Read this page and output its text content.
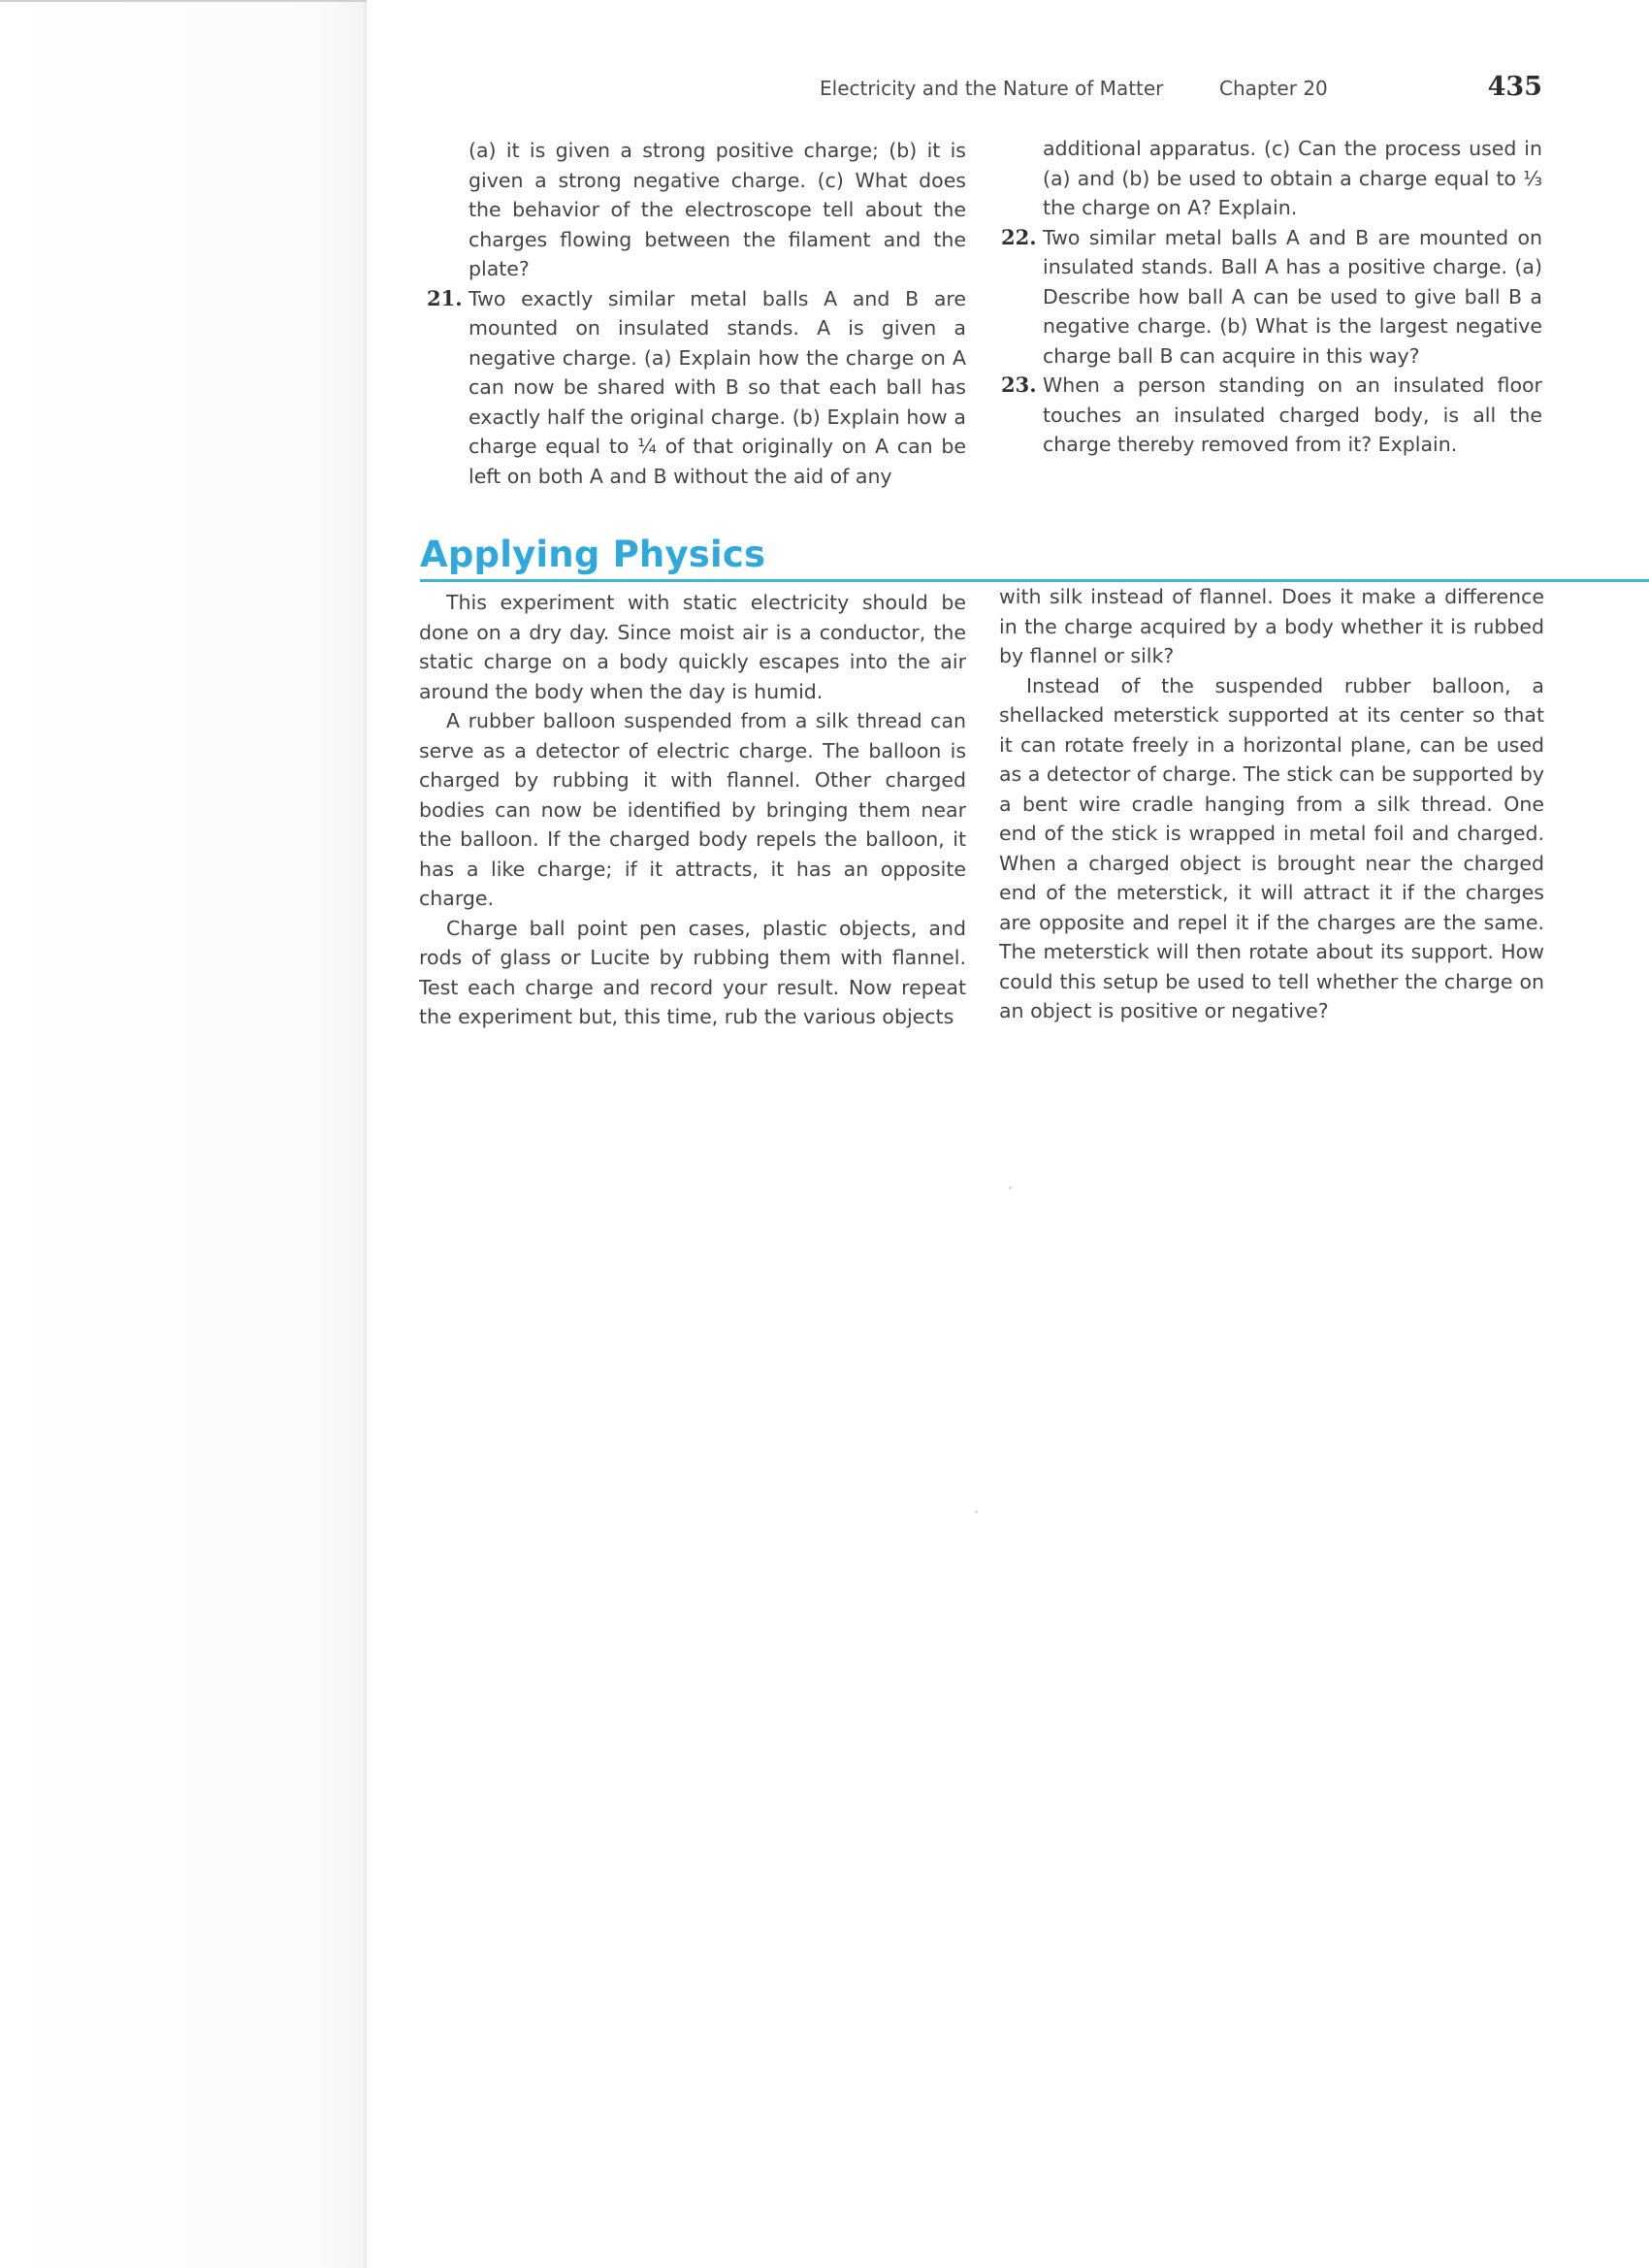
Electricity and the Nature of Matter	Chapter 20	435

(a) it is given a strong positive charge; (b) it is given a strong negative charge. (c) What does the behavior of the electroscope tell about the charges flowing between the filament and the plate?

21. Two exactly similar metal balls A and B are mounted on insulated stands. A is given a negative charge. (a) Explain how the charge on A can now be shared with B so that each ball has exactly half the original charge. (b) Explain how a charge equal to ¼ of that originally on A can be left on both A and B without the aid of any

additional apparatus. (c) Can the process used in (a) and (b) be used to obtain a charge equal to ⅓ the charge on A? Explain.

22. Two similar metal balls A and B are mounted on insulated stands. Ball A has a positive charge. (a) Describe how ball A can be used to give ball B a negative charge. (b) What is the largest negative charge ball B can acquire in this way?

23. When a person standing on an insulated floor touches an insulated charged body, is all the charge thereby removed from it? Explain.

Applying Physics

This experiment with static electricity should be done on a dry day. Since moist air is a conductor, the static charge on a body quickly escapes into the air around the body when the day is humid.

A rubber balloon suspended from a silk thread can serve as a detector of electric charge. The balloon is charged by rubbing it with flannel. Other charged bodies can now be identified by bringing them near the balloon. If the charged body repels the balloon, it has a like charge; if it attracts, it has an opposite charge.

Charge ball point pen cases, plastic objects, and rods of glass or Lucite by rubbing them with flannel. Test each charge and record your result. Now repeat the experiment but, this time, rub the various objects

with silk instead of flannel. Does it make a difference in the charge acquired by a body whether it is rubbed by flannel or silk?

Instead of the suspended rubber balloon, a shellacked meterstick supported at its center so that it can rotate freely in a horizontal plane, can be used as a detector of charge. The stick can be supported by a bent wire cradle hanging from a silk thread. One end of the stick is wrapped in metal foil and charged. When a charged object is brought near the charged end of the meterstick, it will attract it if the charges are opposite and repel it if the charges are the same. The meterstick will then rotate about its support. How could this setup be used to tell whether the charge on an object is positive or negative?
